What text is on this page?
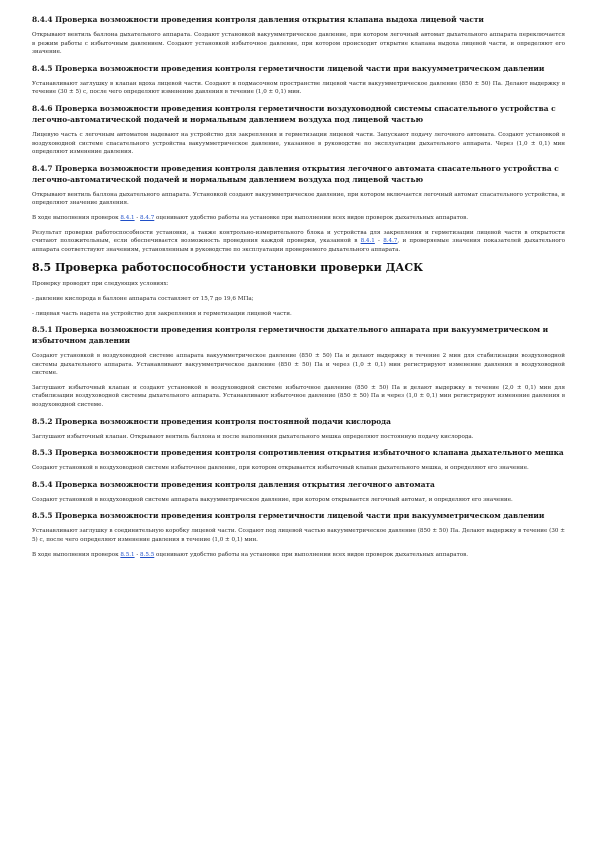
8.4.4 Проверка возможности проведения контроля давления открытия клапана выдоха лицевой части
Открывают вентиль баллона дыхательного аппарата. Создают установкой вакуумметрическое давление, при котором легочный автомат дыхательного аппарата переключается в режим работы с избыточным давлением. Создают установкой избыточное давление, при котором происходит открытие клапана выдоха лицевой части, и определяют его значение.
8.4.5 Проверка возможности проведения контроля герметичности лицевой части при вакуумметрическом давлении
Устанавливают заглушку в клапан вдоха лицевой части. Создают в подмасочном пространстве лицевой части вакуумметрическое давление (850 ± 50) Па. Делают выдержку в течение (30 ± 5) с, после чего определяют изменение давления в течение (1,0 ± 0,1) мин.
8.4.6 Проверка возможности проведения контроля герметичности воздуховодной системы спасательного устройства с легочно-автоматической подачей и нормальным давлением воздуха под лицевой частью
Лицевую часть с легочным автоматом надевают на устройство для закрепления и герметизации лицевой части. Запускают подачу легочного автомата. Создают установкой в воздуховодной системе спасательного устройства вакуумметрическое давление, указанное в руководстве по эксплуатации дыхательного аппарата. Через (1,0 ± 0,1) мин определяют изменение давления.
8.4.7 Проверка возможности проведения контроля давления открытия легочного автомата спасательного устройства с легочно-автоматической подачей и нормальным давлением воздуха под лицевой частью
Открывают вентиль баллона дыхательного аппарата. Установкой создают вакуумметрическое давление, при котором включается легочный автомат спасательного устройства, и определяют значение давления.
В ходе выполнения проверок 8.4.1 - 8.4.7 оценивают удобство работы на установке при выполнении всех видов проверок дыхательных аппаратов.
Результат проверки работоспособности установки, а также контрольно-измерительного блока и устройства для закрепления и герметизации лицевой части в открытости считают положительным, если обеспечивается возможность проведения каждой проверки, указанной в 8.4.1 - 8.4.7, и проверяемые значения показателей дыхательного аппарата соответствуют значениям, установленным в руководстве по эксплуатации проверяемого дыхательного аппарата.
8.5 Проверка работоспособности установки проверки ДАСК
Проверку проводят при следующих условиях:
- давление кислорода в баллоне аппарата составляет от 15,7 до 19,6 МПа;
- лицевая часть надета на устройство для закрепления и герметизации лицевой части.
8.5.1 Проверка возможности проведения контроля герметичности дыхательного аппарата при вакуумметрическом и избыточном давлении
Создают установкой в воздуховодной системе аппарата вакуумметрическое давление (850 ± 50) Па и делают выдержку в течение 2 мин для стабилизации воздуховодной системы дыхательного аппарата. Устанавливают вакуумметрическое давление (850 ± 50) Па и через (1,0 ± 0,1) мин регистрируют изменение давления в воздуховодной системе.
Заглушают избыточный клапан и создают установкой в воздуховодной системе избыточное давление (850 ± 50) Па и делают выдержку в течение (2,0 ± 0,1) мин для стабилизации воздуховодной системы дыхательного аппарата. Устанавливают избыточное давление (850 ± 50) Па и через (1,0 ± 0,1) мин регистрируют изменение давления в воздуховодной системе.
8.5.2 Проверка возможности проведения контроля постоянной подачи кислорода
Заглушают избыточный клапан. Открывают вентиль баллона и после наполнения дыхательного мешка определяют постоянную подачу кислорода.
8.5.3 Проверка возможности проведения контроля сопротивления открытия избыточного клапана дыхательного мешка
Создают установкой в воздуховодной системе избыточное давление, при котором открывается избыточный клапан дыхательного мешка, и определяют его значение.
8.5.4 Проверка возможности проведения контроля давления открытия легочного автомата
Создают установкой в воздуховодной системе аппарата вакуумметрическое давление, при котором открывается легочный автомат, и определяют его значение.
8.5.5 Проверка возможности проведения контроля герметичности лицевой части при вакуумметрическом давлении
Устанавливают заглушку в соединительную коробку лицевой части. Создают под лицевой частью вакуумметрическое давление (850 ± 50) Па. Делают выдержку в течение (30 ± 5) с, после чего определяют изменение давления в течение (1,0 ± 0,1) мин.
В ходе выполнения проверок 8.5.1 - 8.5.5 оценивают удобство работы на установке при выполнении всех видов проверок дыхательных аппаратов.
